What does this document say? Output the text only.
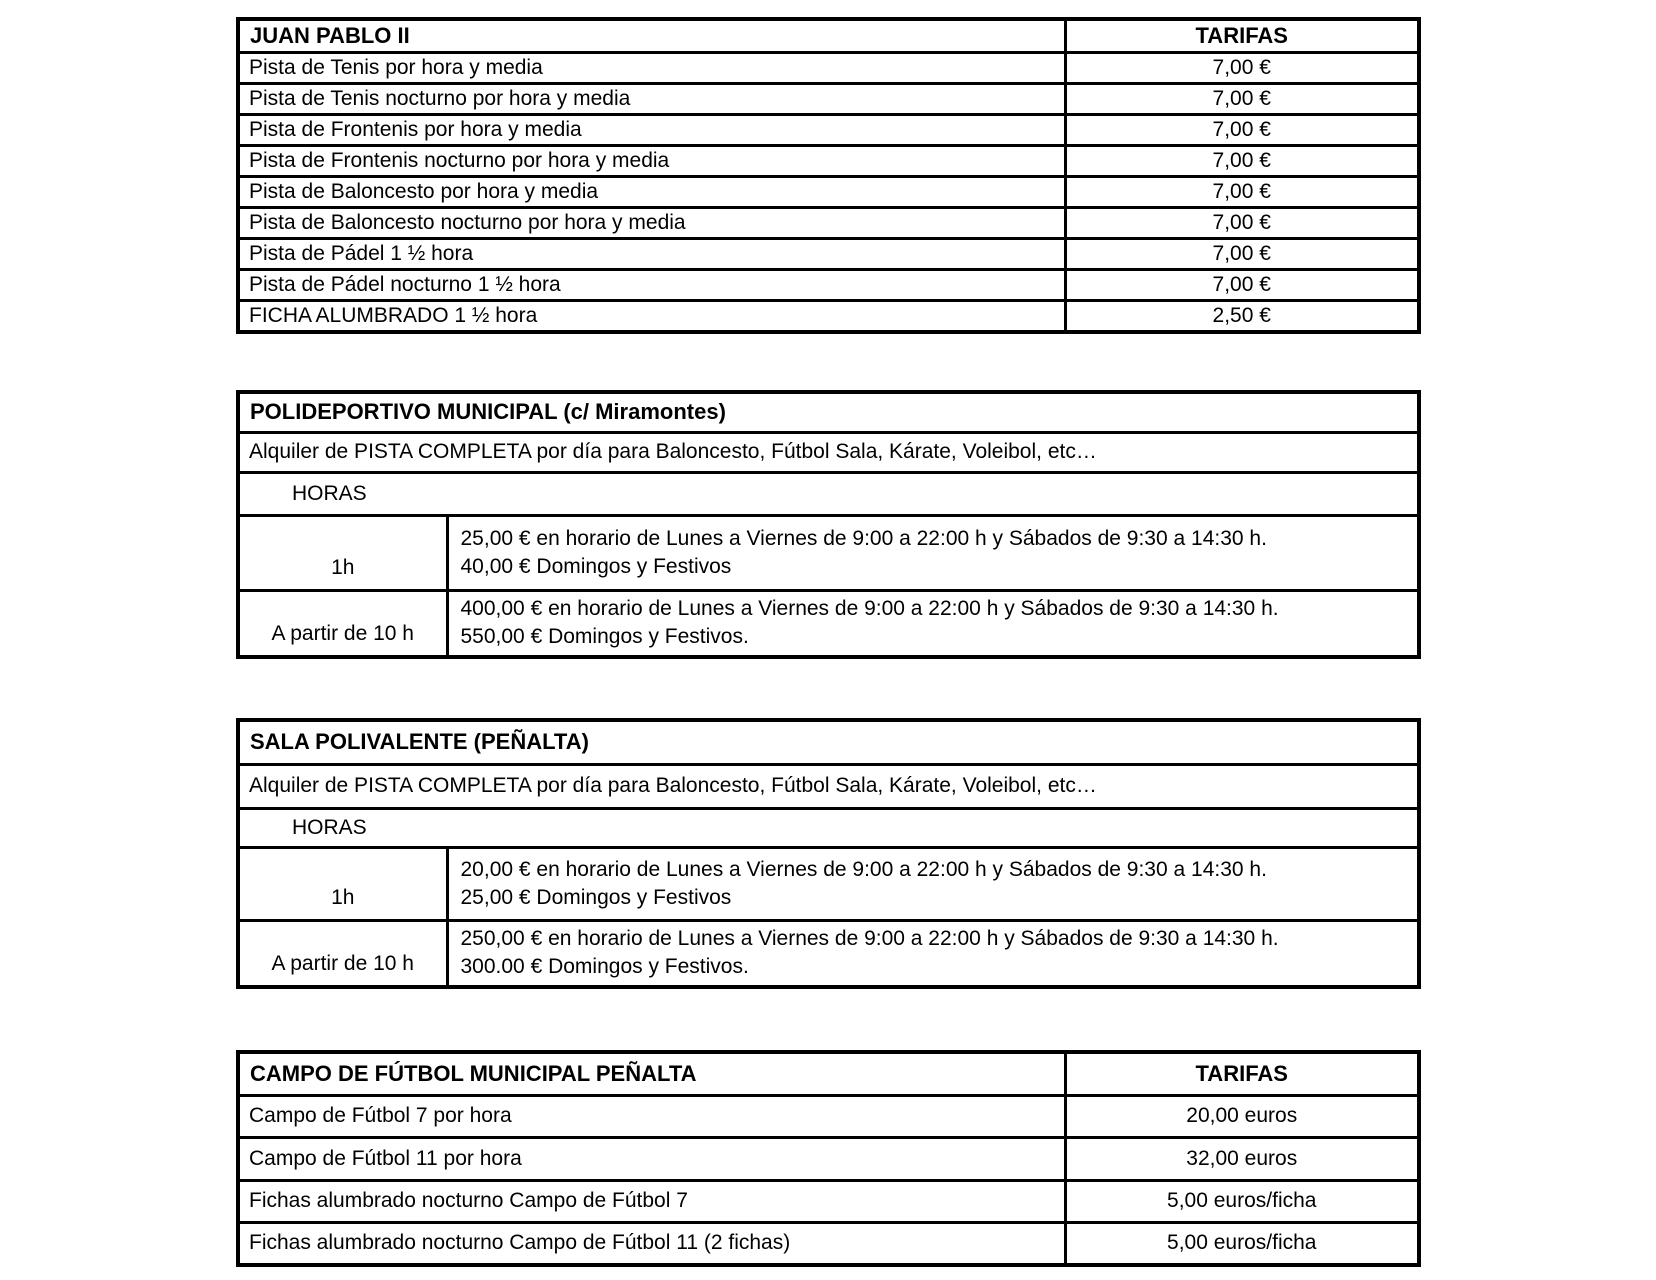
JUAN PABLO II	TARIFAS
Pista de Tenis por hora y media	7,00 €
Pista de Tenis nocturno por hora y media	7,00 €
Pista de Frontenis por hora y media	7,00 €
Pista de Frontenis nocturno por hora y media	7,00 €
Pista de Baloncesto por hora y media	7,00 €
Pista de Baloncesto nocturno por hora y media	7,00 €
Pista de Pádel 1 ½ hora	7,00 €
Pista de Pádel nocturno 1 ½ hora	7,00 €
FICHA ALUMBRADO 1 ½ hora	2,50 €
POLIDEPORTIVO MUNICIPAL (c/ Miramontes)	
Alquiler de PISTA COMPLETA por día para Baloncesto, Fútbol Sala, Kárate, Voleibol, etc…	
HORAS	
1h	25,00 € en horario de Lunes a Viernes de 9:00 a 22:00 h y Sábados de 9:30 a 14:30 h.
40,00 € Domingos y Festivos

A partir de 10 h	400,00 € en horario de Lunes a Viernes de 9:00 a 22:00 h y Sábados de 9:30 a 14:30 h.
550,00 € Domingos y Festivos.
SALA POLIVALENTE (PEÑALTA)	
Alquiler de PISTA COMPLETA por día para Baloncesto, Fútbol Sala, Kárate, Voleibol, etc…	
HORAS	
1h	20,00 € en horario de Lunes a Viernes de 9:00 a 22:00 h y Sábados de 9:30 a 14:30 h.
25,00 € Domingos y Festivos

A partir de 10 h	250,00 € en horario de Lunes a Viernes de 9:00 a 22:00 h y Sábados de 9:30 a 14:30 h.
300.00 € Domingos y Festivos.
CAMPO DE FÚTBOL MUNICIPAL PEÑALTA	TARIFAS
Campo de Fútbol 7 por hora	20,00 euros
Campo de Fútbol 11 por hora	32,00 euros
Fichas alumbrado nocturno Campo de Fútbol 7	5,00 euros/ficha
Fichas alumbrado nocturno Campo de Fútbol 11 (2 fichas)	5,00 euros/ficha
